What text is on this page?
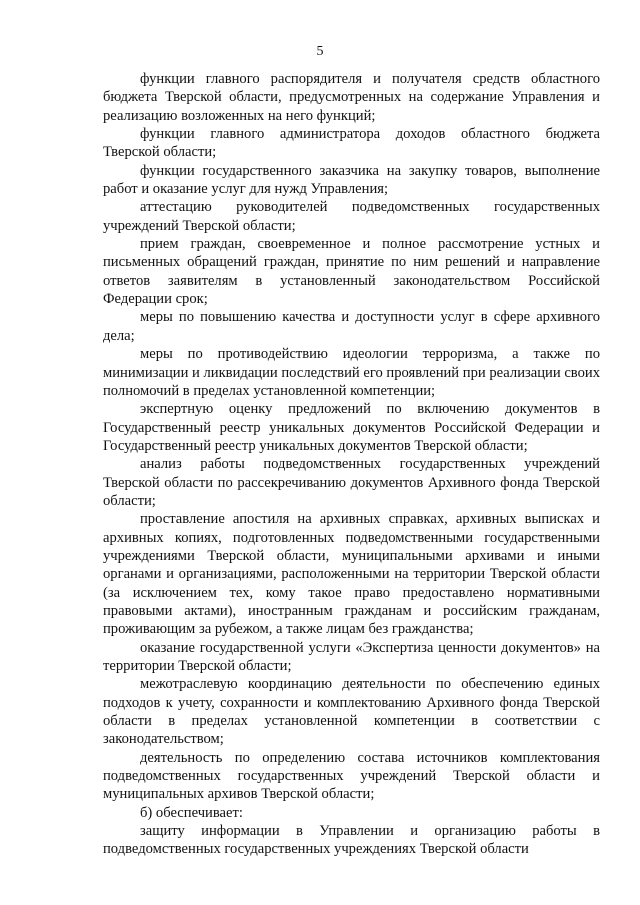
5

функции главного распорядителя и получателя средств областного бюджета Тверской области, предусмотренных на содержание Управления и реализацию возложенных на него функций;

функции главного администратора доходов областного бюджета Тверской области;

функции государственного заказчика на закупку товаров, выполнение работ и оказание услуг для нужд Управления;

аттестацию руководителей подведомственных государственных учреждений Тверской области;

прием граждан, своевременное и полное рассмотрение устных и письменных обращений граждан, принятие по ним решений и направление ответов заявителям в установленный законодательством Российской Федерации срок;

меры по повышению качества и доступности услуг в сфере архивного дела;

меры по противодействию идеологии терроризма, а также по минимизации и ликвидации последствий его проявлений при реализации своих полномочий в пределах установленной компетенции;

экспертную оценку предложений по включению документов в Государственный реестр уникальных документов Российской Федерации и Государственный реестр уникальных документов Тверской области;

анализ работы подведомственных государственных учреждений Тверской области по рассекречиванию документов Архивного фонда Тверской области;

проставление апостиля на архивных справках, архивных выписках и архивных копиях, подготовленных подведомственными государственными учреждениями Тверской области, муниципальными архивами и иными органами и организациями, расположенными на территории Тверской области (за исключением тех, кому такое право предоставлено нормативными правовыми актами), иностранным гражданам и российским гражданам, проживающим за рубежом, а также лицам без гражданства;

оказание государственной услуги «Экспертиза ценности документов» на территории Тверской области;

межотраслевую координацию деятельности по обеспечению единых подходов к учету, сохранности и комплектованию Архивного фонда Тверской области в пределах установленной компетенции в соответствии с законодательством;

деятельность по определению состава источников комплектования подведомственных государственных учреждений Тверской области и муниципальных архивов Тверской области;

б) обеспечивает:

защиту информации в Управлении и организацию работы в подведомственных государственных учреждениях Тверской области
